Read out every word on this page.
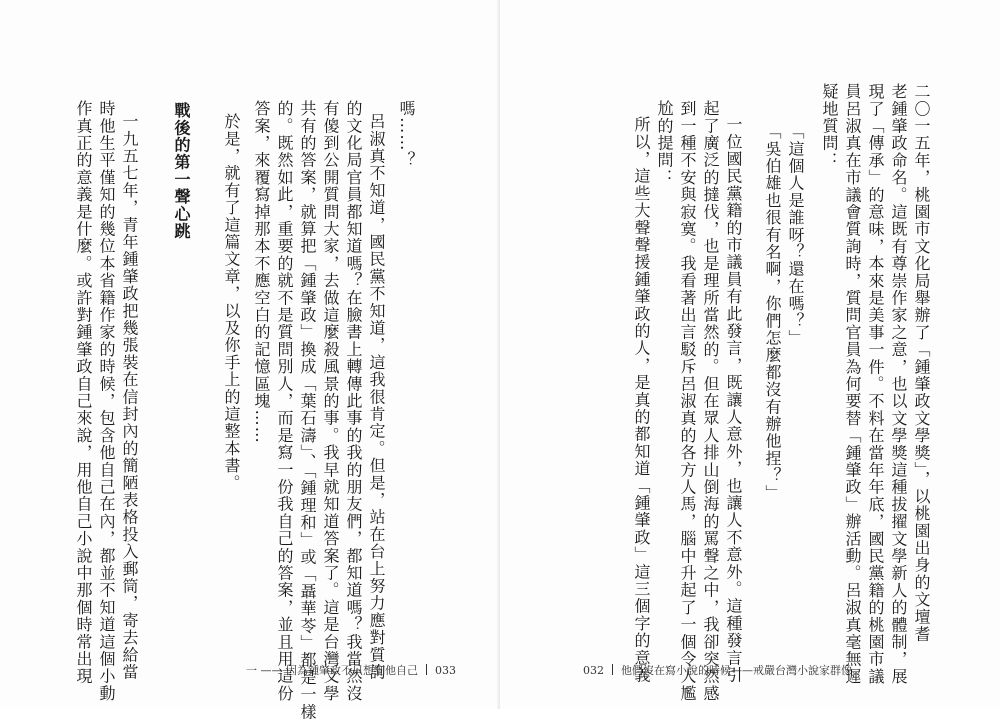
嗎……？
呂淑真不知道，國民黨不知道，這我很肯定。但是，站在台上努力應對質詢
的文化局官員都知道嗎？在臉書上轉傳此事的我的朋友們，都知道嗎？我當然沒
有傻到公開質問大家，去做這麼殺風景的事。我早就知道答案了。這是台灣文學
共有的答案，就算把「鍾肇政」換成「葉石濤」、「鍾理和」或「聶華苓」都是一樣
的。既然如此，重要的就不是質問別人，而是寫一份我自己的答案，並且用這份
答案，來覆寫掉那本不應空白的記憶區塊……
於是，就有了這篇文章，以及你手上的這整本書。
戰後的第一聲心跳
一九五七年，青年鍾肇政把幾張裝在信封內的簡陋表格投入郵筒，寄去給當
時他生平僅知的幾位本省籍作家的時候，包含他自己在內，都並不知道這個小動
作真正的意義是什麼。或許對鍾肇政自己來說，用他自己小說中那個時常出現	一 —— 因為鍾肇政不只想到他自己 033
二〇一五年，桃園市文化局舉辦了「鍾肇政文學獎」，以桃園出身的文壇耆
老鍾肇政命名。這既有尊崇作家之意，也以文學獎這種拔擢文學新人的體制，展
現了「傳承」的意味，本來是美事一件。不料在當年年底，國民黨籍的桃園市議
員呂淑真在市議會質詢時，質問官員為何要替「鍾肇政」辦活動。呂淑真毫無遲
疑地質問：
「這個人是誰呀？還在嗎？」
「吳伯雄也很有名啊，你們怎麼都沒有辦他捏？」
一位國民黨籍的市議員有此發言，既讓人意外，也讓人不意外。這種發言引
起了廣泛的撻伐，也是理所當然的。但在眾人排山倒海的罵聲之中，我卻突然感
到一種不安與寂寞。我看著出言駁斥呂淑真的各方人馬，腦中升起了一個令人尷
尬的提問：
所以，這些大聲聲援鍾肇政的人，是真的都知道「鍾肇政」這三個字的意義
032 他們沒在寫小說的時候——戒嚴台灣小說家群像
